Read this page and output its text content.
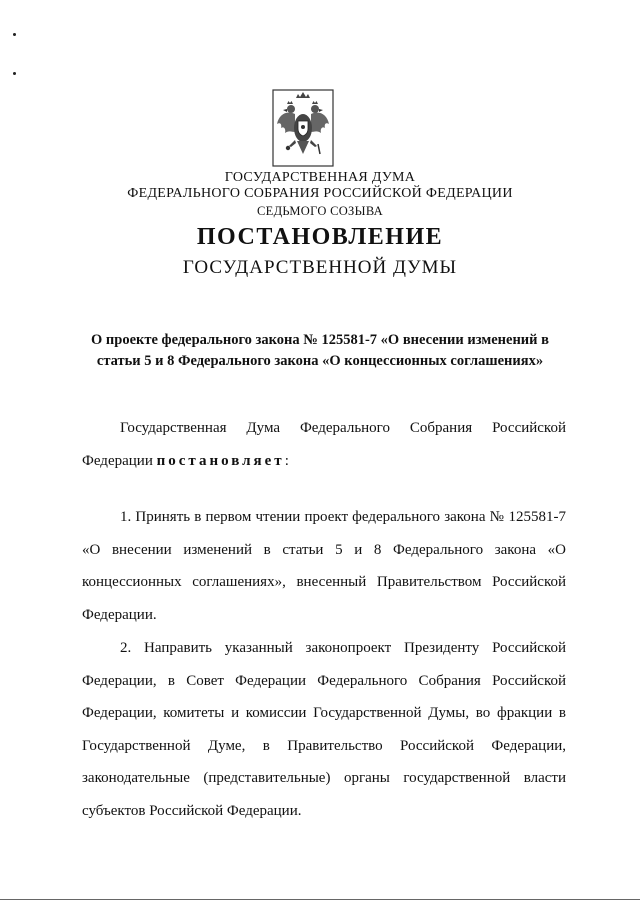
ГОСУДАРСТВЕННАЯ ДУМА
ФЕДЕРАЛЬНОГО СОБРАНИЯ РОССИЙСКОЙ ФЕДЕРАЦИИ
СЕДЬМОГО СОЗЫВА
ПОСТАНОВЛЕНИЕ
ГОСУДАРСТВЕННОЙ ДУМЫ
О проекте федерального закона № 125581-7 «О внесении изменений в
статьи 5 и 8 Федерального закона «О концессионных соглашениях»
Государственная Дума Федерального Собрания Российской Федерации постановляет:
1. Принять в первом чтении проект федерального закона № 125581-7 «О внесении изменений в статьи 5 и 8 Федерального закона «О концессионных соглашениях», внесенный Правительством Российской Федерации.
2. Направить указанный законопроект Президенту Российской Федерации, в Совет Федерации Федерального Собрания Российской Федерации, комитеты и комиссии Государственной Думы, во фракции в Государственной Думе, в Правительство Российской Федерации, законодательные (представительные) органы государственной власти субъектов Российской Федерации.
